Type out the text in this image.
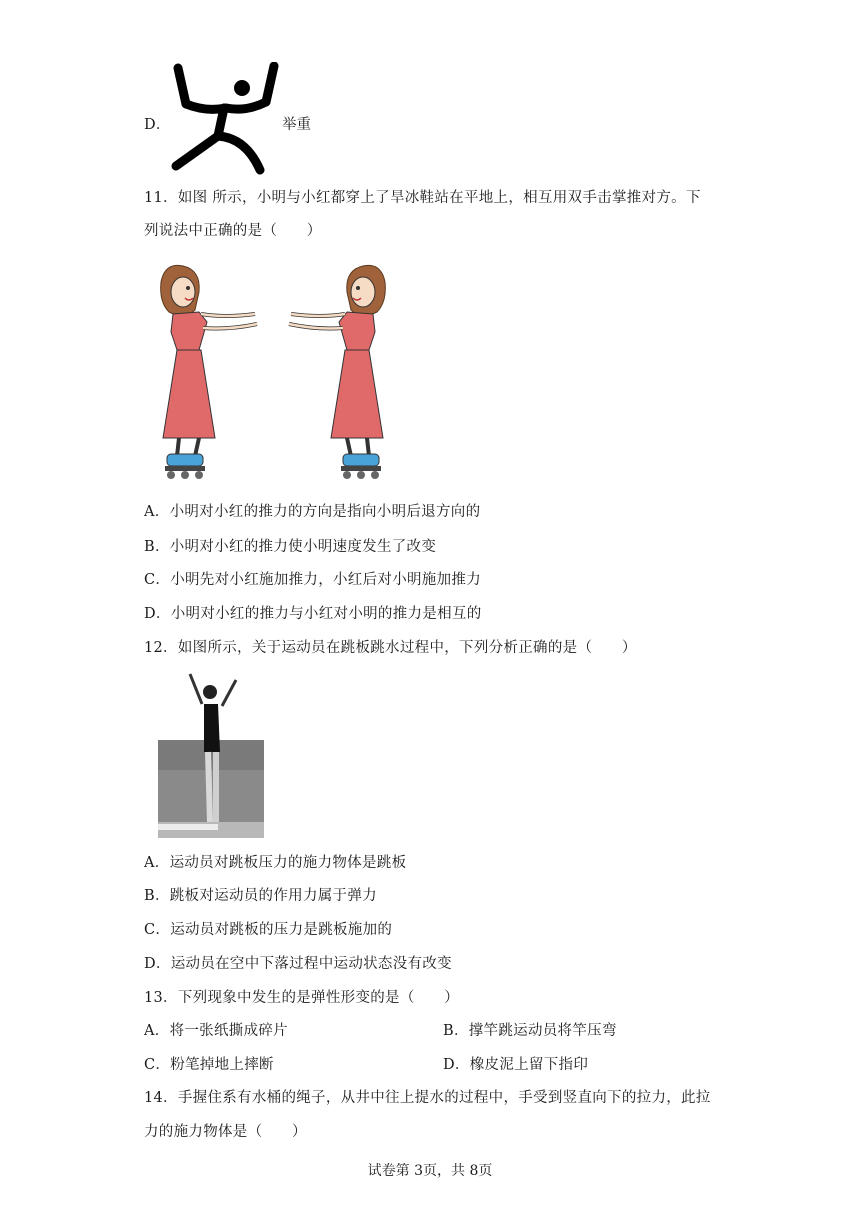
D．	举重
11．如图 所示，小明与小红都穿上了旱冰鞋站在平地上，相互用双手击掌推对方。下
列说法中正确的是（　　）
A．小明对小红的推力的方向是指向小明后退方向的
B．小明对小红的推力使小明速度发生了改变
C．小明先对小红施加推力，小红后对小明施加推力
D．小明对小红的推力与小红对小明的推力是相互的
12．如图所示，关于运动员在跳板跳水过程中，下列分析正确的是（　　）
A．运动员对跳板压力的施力物体是跳板
B．跳板对运动员的作用力属于弹力
C．运动员对跳板的压力是跳板施加的
D．运动员在空中下落过程中运动状态没有改变
13．下列现象中发生的是弹性形变的是（　　）
A．将一张纸撕成碎片	B．撑竿跳运动员将竿压弯
C．粉笔掉地上摔断	D．橡皮泥上留下指印
14．手握住系有水桶的绳子，从井中往上提水的过程中，手受到竖直向下的拉力，此拉
力的施力物体是（　　）
试卷第 3页，共 8页
